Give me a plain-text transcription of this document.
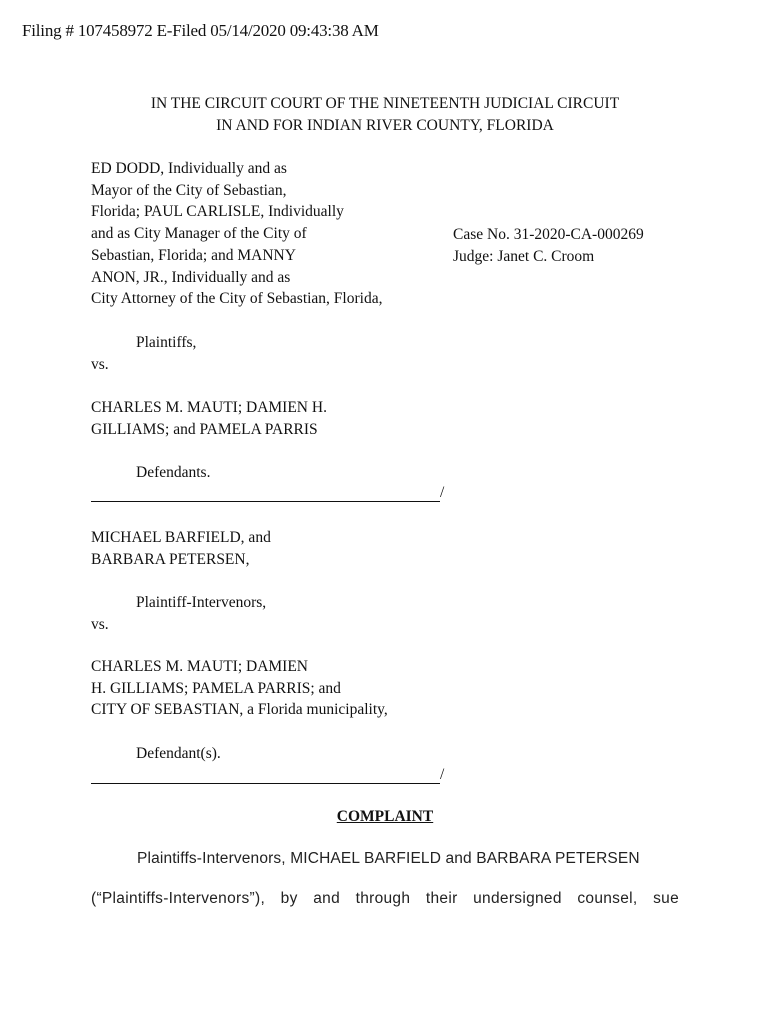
Filing # 107458972 E-Filed 05/14/2020 09:43:38 AM
IN THE CIRCUIT COURT OF THE NINETEENTH JUDICIAL CIRCUIT
IN AND FOR INDIAN RIVER COUNTY, FLORIDA
ED DODD, Individually and as
Mayor of the City of Sebastian,
Florida; PAUL CARLISLE, Individually
and as City Manager of the City of
Sebastian, Florida; and MANNY
ANON, JR., Individually and as
City Attorney of the City of Sebastian, Florida,
Case No. 31-2020-CA-000269
Judge: Janet C. Croom
Plaintiffs,
vs.
CHARLES M. MAUTI; DAMIEN H.
GILLIAMS; and PAMELA PARRIS
Defendants.
/
MICHAEL BARFIELD, and
BARBARA PETERSEN,
Plaintiff-Intervenors,
vs.
CHARLES M. MAUTI; DAMIEN
H. GILLIAMS; PAMELA PARRIS; and
CITY OF SEBASTIAN, a Florida municipality,
Defendant(s).
/
COMPLAINT
Plaintiffs-Intervenors, MICHAEL BARFIELD and BARBARA PETERSEN
(“Plaintiffs-Intervenors”), by and through their undersigned counsel, sue
